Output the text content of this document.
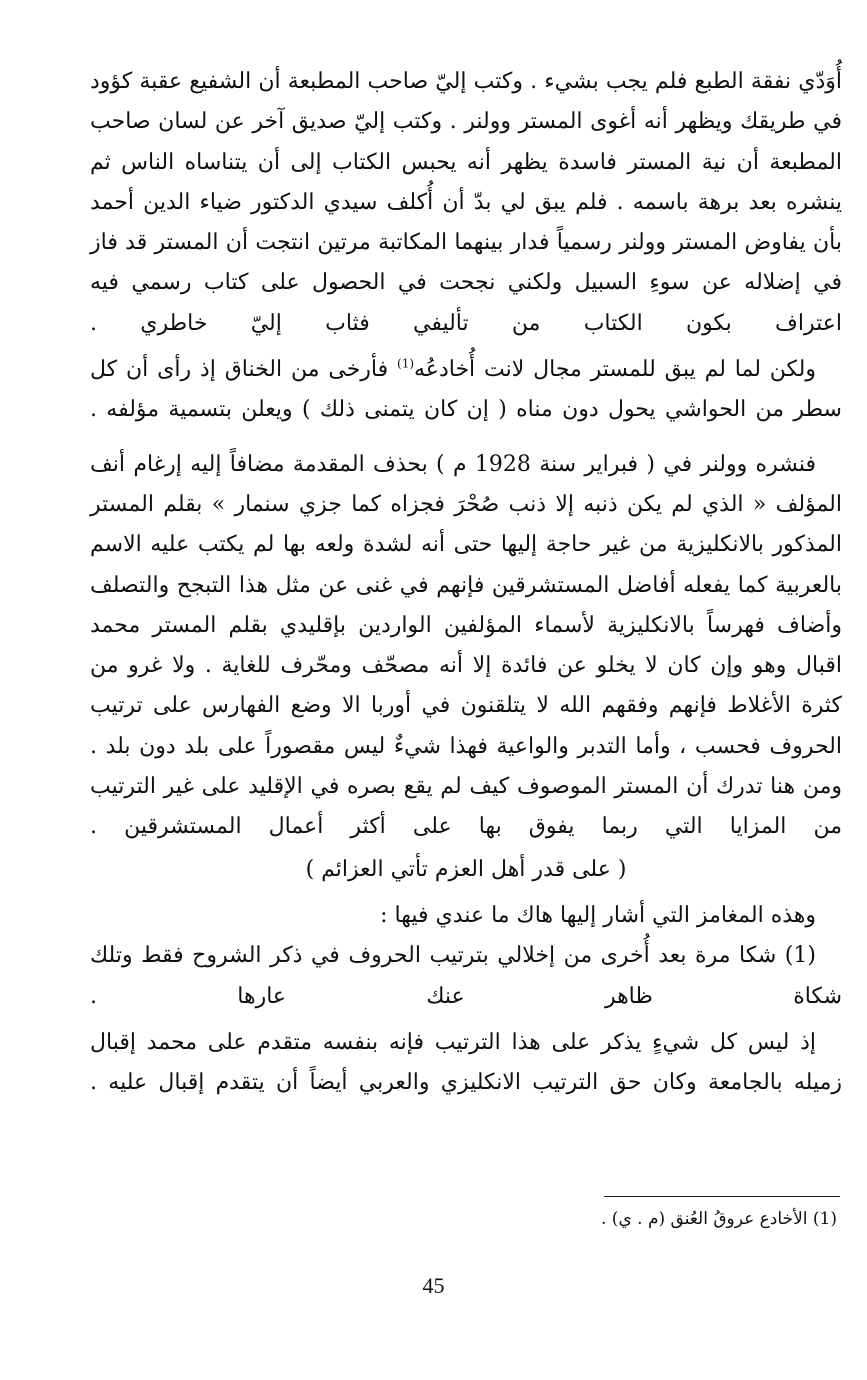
أُوَدّي نفقة الطبع فلم يجب بشيء . وكتب إليّ صاحب المطبعة أن الشفيع عقبة كؤود في طريقك ويظهر أنه أغوى المستر وولنر . وكتب إليّ صديق آخر عن لسان صاحب المطبعة أن نية المستر فاسدة يظهر أنه يحبس الكتاب إلى أن يتناساه الناس ثم ينشره بعد برهة باسمه . فلم يبق لي بدّ أن أُكلف سيدي الدكتور ضياء الدين أحمد بأن يفاوض المستر وولنر رسمياً فدار بينهما المكاتبة مرتين انتجت أن المستر قد فاز في إضلاله عن سوءِ السبيل ولكني نجحت في الحصول على كتاب رسمي فيه اعتراف بكون الكتاب من تأليفي فثاب إليّ خاطري .

ولكن لما لم يبق للمستر مجال لانت أُخادعُه$^{(1)}$ فأرخى من الخناق إذ رأى أن كل سطر من الحواشي يحول دون مناه ( إن كان يتمنى ذلك ) ويعلن بتسمية مؤلفه .

فنشره وولنر في ( فبراير سنة 1928 م ) بحذف المقدمة مضافاً إليه إرغام أنف المؤلف « الذي لم يكن ذنبه إلا ذنب صُحْرَ فجزاه كما جزي سنمار » بقلم المستر المذكور بالانكليزية من غير حاجة إليها حتى أنه لشدة ولعه بها لم يكتب عليه الاسم بالعربية كما يفعله أفاضل المستشرقين فإنهم في غنى عن مثل هذا التبجح والتصلف وأضاف فهرساً بالانكليزية لأسماء المؤلفين الواردين بإقليدي بقلم المستر محمد اقبال وهو وإن كان لا يخلو عن فائدة إلا أنه مصحّف ومحّرف للغاية . ولا غرو من كثرة الأغلاط فإنهم وفقهم الله لا يتلقنون في أوربا الا وضع الفهارس على ترتيب الحروف فحسب ، وأما التدبر والواعية فهذا شيءٌ ليس مقصوراً على بلد دون بلد . ومن هنا تدرك أن المستر الموصوف كيف لم يقع بصره في الإقليد على غير الترتيب من المزايا التي ربما يفوق بها على أكثر أعمال المستشرقين .

( على قدر أهل العزم تأتي العزائم )

وهذه المغامز التي أشار إليها هاك ما عندي فيها :

(1) شكا مرة بعد أُخرى من إخلالي بترتيب الحروف في ذكر الشروح فقط وتلك شكاة ظاهر عنك عارها .

إذ ليس كل شيءٍ يذكر على هذا الترتيب فإنه بنفسه متقدم على محمد إقبال زميله بالجامعة وكان حق الترتيب الانكليزي والعربي أيضاً أن يتقدم إقبال عليه .

(1) الأخادع عروقُ العُنق (م . ي) .
45
